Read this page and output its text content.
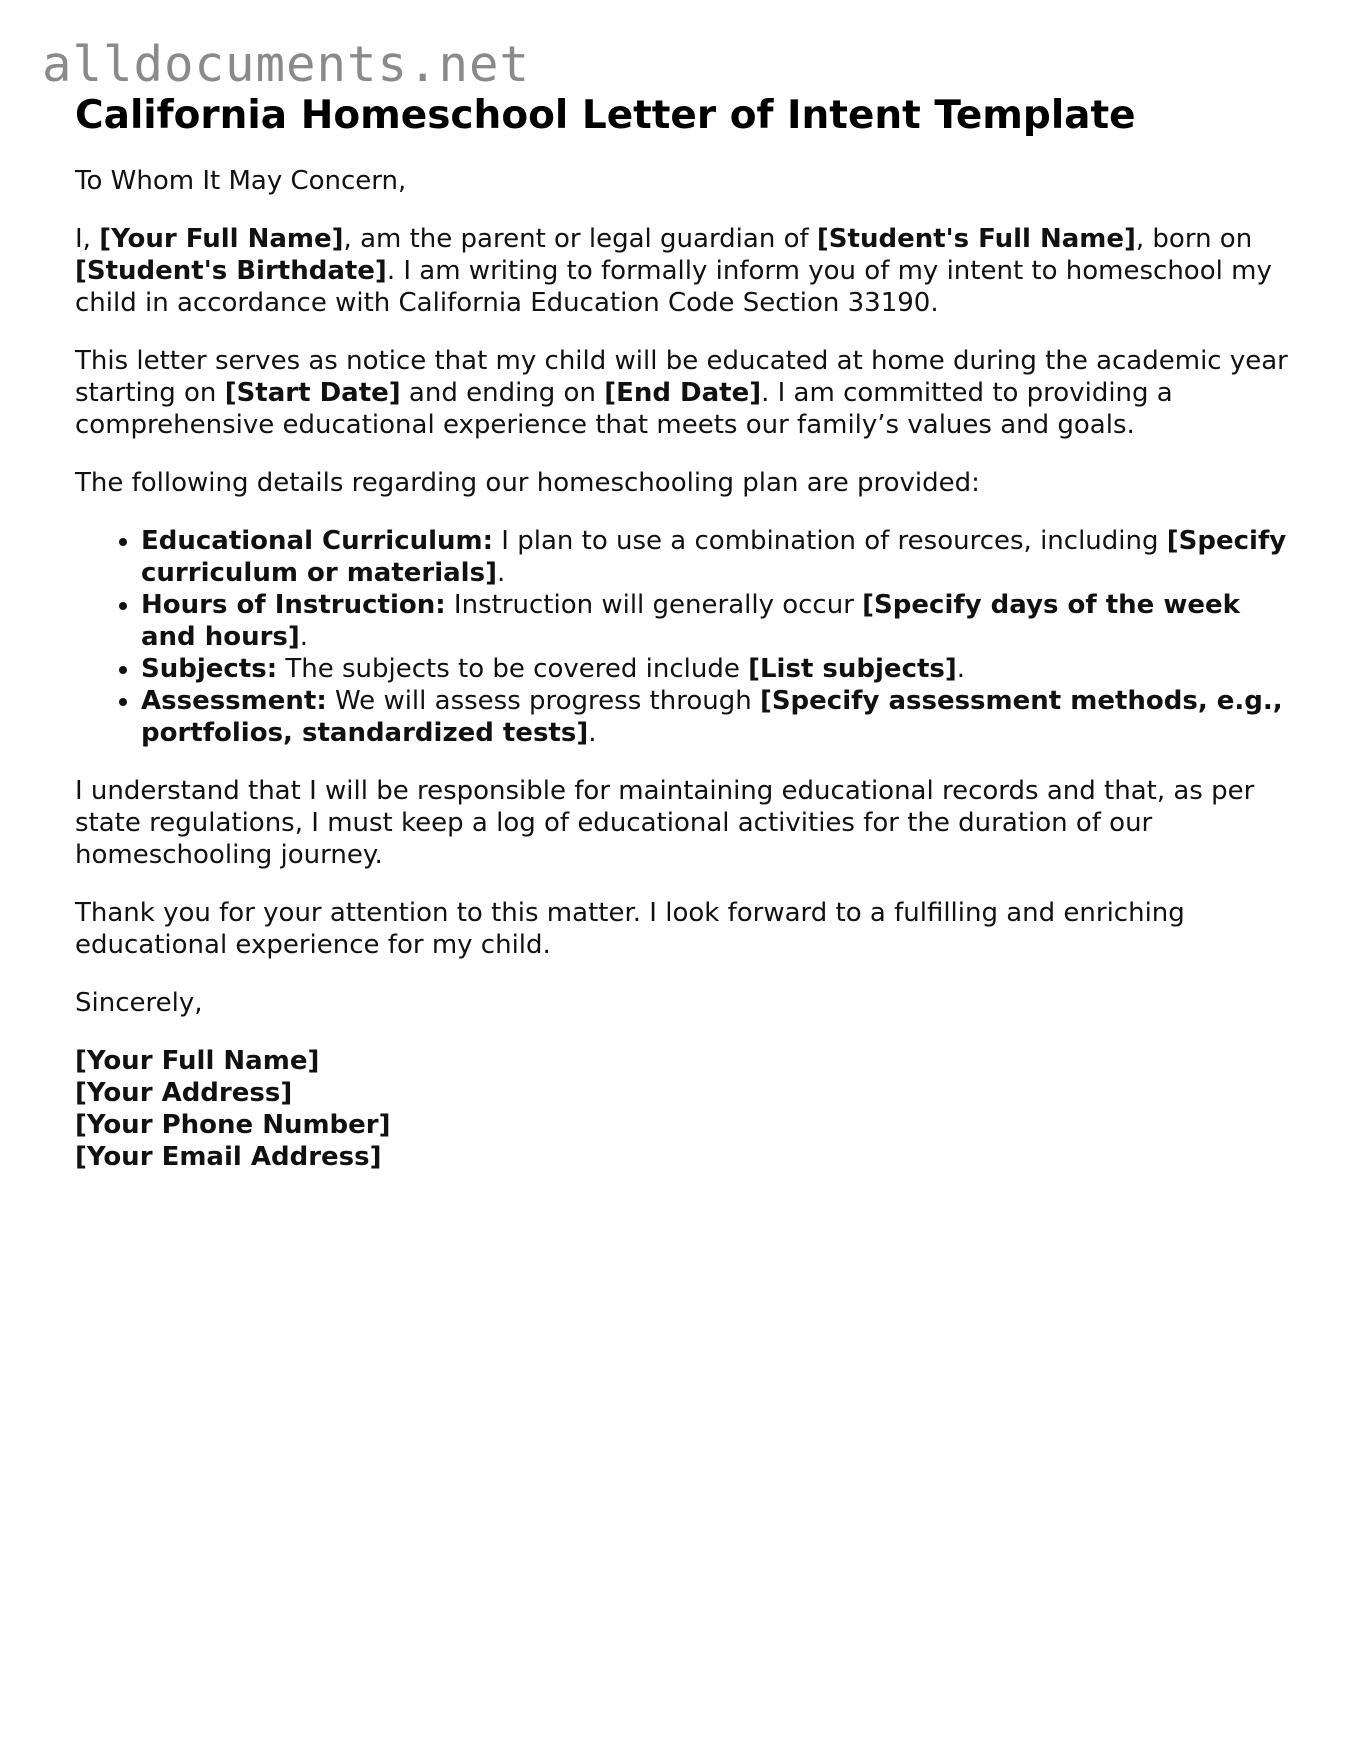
alldocuments.net
California Homeschool Letter of Intent Template

To Whom It May Concern,

I, [Your Full Name], am the parent or legal guardian of [Student's Full Name], born on [Student's Birthdate]. I am writing to formally inform you of my intent to homeschool my child in accordance with California Education Code Section 33190.

This letter serves as notice that my child will be educated at home during the academic year starting on [Start Date] and ending on [End Date]. I am committed to providing a comprehensive educational experience that meets our family’s values and goals.

The following details regarding our homeschooling plan are provided:

• Educational Curriculum: I plan to use a combination of resources, including [Specify curriculum or materials].
• Hours of Instruction: Instruction will generally occur [Specify days of the week and hours].
• Subjects: The subjects to be covered include [List subjects].
• Assessment: We will assess progress through [Specify assessment methods, e.g., portfolios, standardized tests].

I understand that I will be responsible for maintaining educational records and that, as per state regulations, I must keep a log of educational activities for the duration of our homeschooling journey.

Thank you for your attention to this matter. I look forward to a fulfilling and enriching educational experience for my child.

Sincerely,

[Your Full Name]
[Your Address]
[Your Phone Number]
[Your Email Address]
